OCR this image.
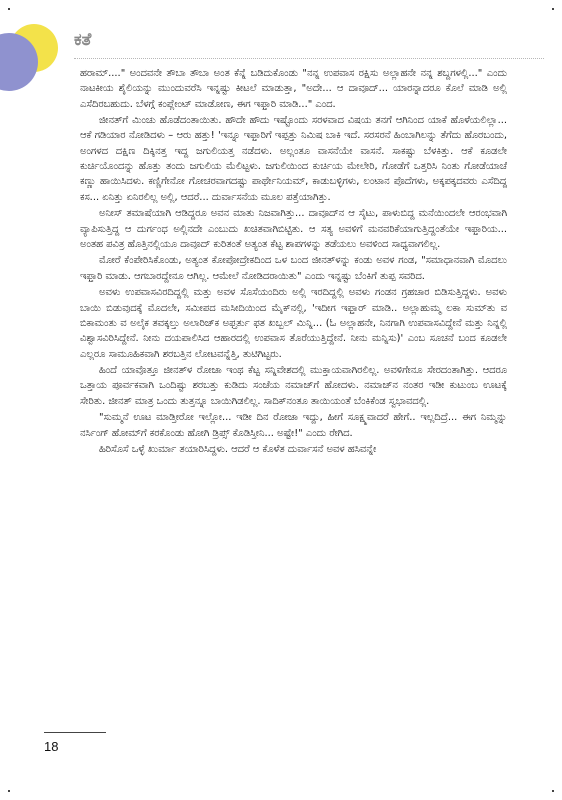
ಕತೆ

ಹರಾಮ್...." ಅಂದವನೇ ತೌಬಾ ತೌಬಾ ಅಂತ ಕೆನ್ನೆ ಬಡಿದುಕೊಂಡು "ನನ್ನ ಉಪವಾಸ ರಕ್ಷಿಸು ಅಲ್ಲಾಹನೇ ನನ್ನ ಶಬ್ದಗಳಲ್ಲಿ..." ಎಂದು ನಾಟಕೀಯ ಶೈಲಿಯನ್ನು ಮುಂದುವರೆಸಿ ಇನ್ನಷ್ಟು ಕೀಟಲೆ ಮಾಡುತ್ತಾ, "ಅದೇ... ಆ ದಾವೂದ್... ಯಾರನ್ನಾದರೂ ಕೊಲೆ ಮಾಡಿ ಅಲ್ಲಿ ಎಸೆದಿರಬಹುದು. ಬೆಳಗ್ಗೆ ಕಂಪ್ಲೇಂಟ್ ಮಾಡೋಣ, ಈಗ ಇಫ್ತಾರಿ ಮಾಡಿ..." ಎಂದ.

ಜೀನತ್‌ಗೆ ಮಿಂಚು ಹೊಡೆದಂತಾಯಿತು. ಹೌದೇ ಹೌದು ಇಷ್ಟೊಂದು ಸರಳವಾದ ವಿಷಯ ತನಗೆ ಆಗಿನಿಂದ ಯಾಕೆ ಹೊಳೆಯಲಿಲ್ಲಾ... ಆಕೆ ಗಡಿಯಾರ ನೋಡಿದಳು – ಆರು ಹತ್ತು! 'ಇನ್ನೂ ಇಫ್ತಾರಿಗೆ ಇಪ್ಪತ್ತು ನಿಮಿಷ ಬಾಕಿ ಇದೆ. ಸರಸರನೆ ಹಿಂಬಾಗಿಲನ್ನು ತೆಗೆದು ಹೊರಬಂದು, ಅಂಗಳದ ದಕ್ಷಿಣ ದಿಕ್ಕಿನತ್ತ ಇದ್ದ ಜಗುಲಿಯತ್ತ ನಡೆದಳು. ಅಲ್ಲಂತೂ ವಾಸನೆಯೇ ವಾಸನೆ. ಸಾಕಷ್ಟು ಬೆಳಕಿತ್ತು. ಆಕೆ ಕೂಡಲೇ ಕುರ್ಚಿಯೊಂದನ್ನು ಹೊತ್ತು ತಂದು ಜಗುಲಿಯ ಮೆಲಿಟ್ಟಳು. ಜಗುಲಿಯಿಂದ ಕುರ್ಚಿಯ ಮೇಲೇರಿ, ಗೋಡೆಗೆ ಒತ್ತರಿಸಿ ನಿಂತು ಗೋಡೆಯಾಚೆ ಕಣ್ಣು ಹಾಯಿಸಿದಳು. ಕಣ್ಣಿಗೇನೋ ಗೋಚರವಾಗದಷ್ಟು ಪಾರ್ಥೇನಿಯಮ್, ಕಾಡುಬಳ್ಳಿಗಳು, ಲಂಟಾನ ಪೊದೆಗಳು, ಅಕ್ಕಪಕ್ಕದವರು ಎಸೆದಿದ್ದ ಕಸ... ಏನಿತ್ತು ಏನಿರಲಿಲ್ಲ ಅಲ್ಲಿ, ಆದರೆ... ದುರ್ವಾಸನೆಯ ಮೂಲ ಪತ್ತೆಯಾಗಿತ್ತು.

ಅನೀಸ್ ತಮಾಷೆಯಾಗಿ ಆಡಿದ್ದರೂ ಅವನ ಮಾತು ನಿಜವಾಗಿತ್ತು... ದಾವೂದ್‌ನ ಆ ಸೈಟು, ಪಾಳುಬಿದ್ದ ಮನೆಯಿಂದಲೇ ಆರಂಭವಾಗಿ ವ್ಯಾಪಿಸುತ್ತಿದ್ದ ಆ ದುರ್ಗಂಧ ಅಲ್ಲಿನದೇ ಎಂಬುದು ಖಚಿತವಾಗಿಬಿಟ್ಟಿತು. ಆ ಸತ್ಯ ಅವಳಿಗೆ ಮನವರಿಕೆಯಾಗುತ್ತಿದ್ದಂತೆಯೇ ಇಫ್ತಾರಿಯ... ಅಂತಹ ಪವಿತ್ರ ಹೊತ್ತಿನಲ್ಲಿಯೂ ದಾವೂದ್ ಕುರಿತಂತೆ ಅತ್ಯಂತ ಕೆಟ್ಟ ಶಾಪಗಳನ್ನು ತಡೆಯಲು ಅವಳಿಂದ ಸಾಧ್ಯವಾಗಲಿಲ್ಲ.

ಮೋರೆ ಕೆಂಪೇರಿಸಿಕೊಂಡು, ಅತ್ಯಂತ ಕೋಪೋದ್ರೇಕದಿಂದ ಒಳ ಬಂದ ಜೀನತ್‌ಳನ್ನು ಕಂಡು ಅವಳ ಗಂಡ, "ಸಮಾಧಾನವಾಗಿ ಮೊದಲು ಇಫ್ತಾರಿ ಮಾಡು. ಆಗಬಾರದ್ದೇನೂ ಆಗಿಲ್ಲ. ಆಮೇಲೆ ನೋಡಿದರಾಯಿತು" ಎಂದು ಇನ್ನಷ್ಟು ಬೆಂಕಿಗೆ ತುಪ್ಪ ಸವರಿದ.

ಅವಳು ಉಪವಾಸವಿರದಿದ್ದಲ್ಲಿ ಮತ್ತು ಅವಳ ಸೊಸೆಯಂದಿರು ಅಲ್ಲಿ ಇರದಿದ್ದಲ್ಲಿ ಅವಳು ಗಂಡನ ಗ್ರಹಚಾರ ಬಿಡಿಸುತ್ತಿದ್ದಳು. ಅವಳು ಬಾಯಿ ಬಿಡುವುದಕ್ಕೆ ಮೊದಲೇ, ಸಮೀಪದ ಮಸೀದಿಯಿಂದ ಮೈಕ್‌ನಲ್ಲಿ, 'ಇದೀಗ ಇಫ್ತಾರ್ ಮಾಡಿ.. ಅಲ್ಲಾಹುಮ್ಮ ಲಕಾ ಸುಮ್‌ತು ವ ಬಿಕಾಮಂತು ವ ಅಲೈಕ ತವಕ್ಕಲ್ತು ಅಲಾರಿಜ್‌ಕ ಅಫ್ತರ್ತು ಫತ ಖಬ್ಬಲ್ ಮಿನ್ನಿ... (ಓ ಅಲ್ಲಾಹನೇ, ನಿನಗಾಗಿ ಉಪವಾಸವಿದ್ದೇನೆ ಮತ್ತು ನಿನ್ನಲ್ಲಿ ವಿಶ್ವಾಸವಿರಿಸಿದ್ದೇನೆ. ನೀನು ದಯಪಾಲಿಸಿದ ಆಹಾರದಲ್ಲಿ ಉಪವಾಸ ತೊರೆಯುತ್ತಿದ್ದೇನೆ. ನೀನು ಮನ್ನಿಸು)' ಎಂಬ ಸೂಚನೆ ಬಂದ ಕೂಡಲೇ ಎಲ್ಲರೂ ಸಾಮೂಹಿಕವಾಗಿ ಶರಬತ್ತಿನ ಲೋಟವನ್ನೆತ್ತಿ, ತುಟಿಗಿಟ್ಟರು.

ಹಿಂದೆ ಯಾವೊತ್ತೂ ಜೀನತ್‌ಳ ರೋಜಾ ಇಂಥ ಕೆಟ್ಟ ಸನ್ನಿವೇಶದಲ್ಲಿ ಮುಕ್ತಾಯವಾಗಿರಲಿಲ್ಲ. ಅವಳಿಗೇನೂ ಸೇರದಂತಾಗಿತ್ತು. ಆದರೂ ಒತ್ತಾಯ ಪೂರ್ವಕವಾಗಿ ಒಂದಿಷ್ಟು ಶರಬತ್ತು ಕುಡಿದು ಸಂಜೆಯ ನಮಾಜ್‌ಗೆ ಹೋದಳು. ನಮಾಜ್‌ನ ನಂತರ ಇಡೀ ಕುಟುಂಬ ಊಟಕ್ಕೆ ಸೇರಿತು. ಜೀನತ್ ಮಾತ್ರ ಒಂದು ತುತ್ತನ್ನೂ ಬಾಯಿಗಿಡಲಿಲ್ಲ. ಸಾದಿಕ್‌ನಂತೂ ತಾಯಿಯಂತೆ ಬೆಂಕಿಕೆಂಡ ಸ್ವಭಾವದಲ್ಲಿ.

"ಸುಮ್ಮನೆ ಊಟ ಮಾಡ್ತೀರೋ ಇಲ್ಲೋ... ಇಡೀ ದಿನ ರೋಜಾ ಇದ್ದು, ಹೀಗೆ ಸೂಕ್ಷ್ಮವಾದರೆ ಹೇಗೆ.. ಇಲ್ಲದಿದ್ರೆ... ಈಗ ನಿಮ್ಮನ್ನು ನರ್ಸಿಂಗ್ ಹೋಮ್‌ಗೆ ಕರಕೊಂಡು ಹೋಗಿ ಡ್ರಿಪ್ಸ್ ಕೊಡಿಸ್ತೀನಿ... ಅಷ್ಟೇ!" ಎಂದು ರೇಗಿದ.

ಹಿರಿಸೊಸೆ ಒಳ್ಳೆ ಖುರ್ಮಾ ತಯಾರಿಸಿದ್ದಳು. ಆದರೆ ಆ ಕೊಳೆತ ದುರ್ವಾಸನೆ ಅವಳ ಹಸಿವನ್ನೇ

18
